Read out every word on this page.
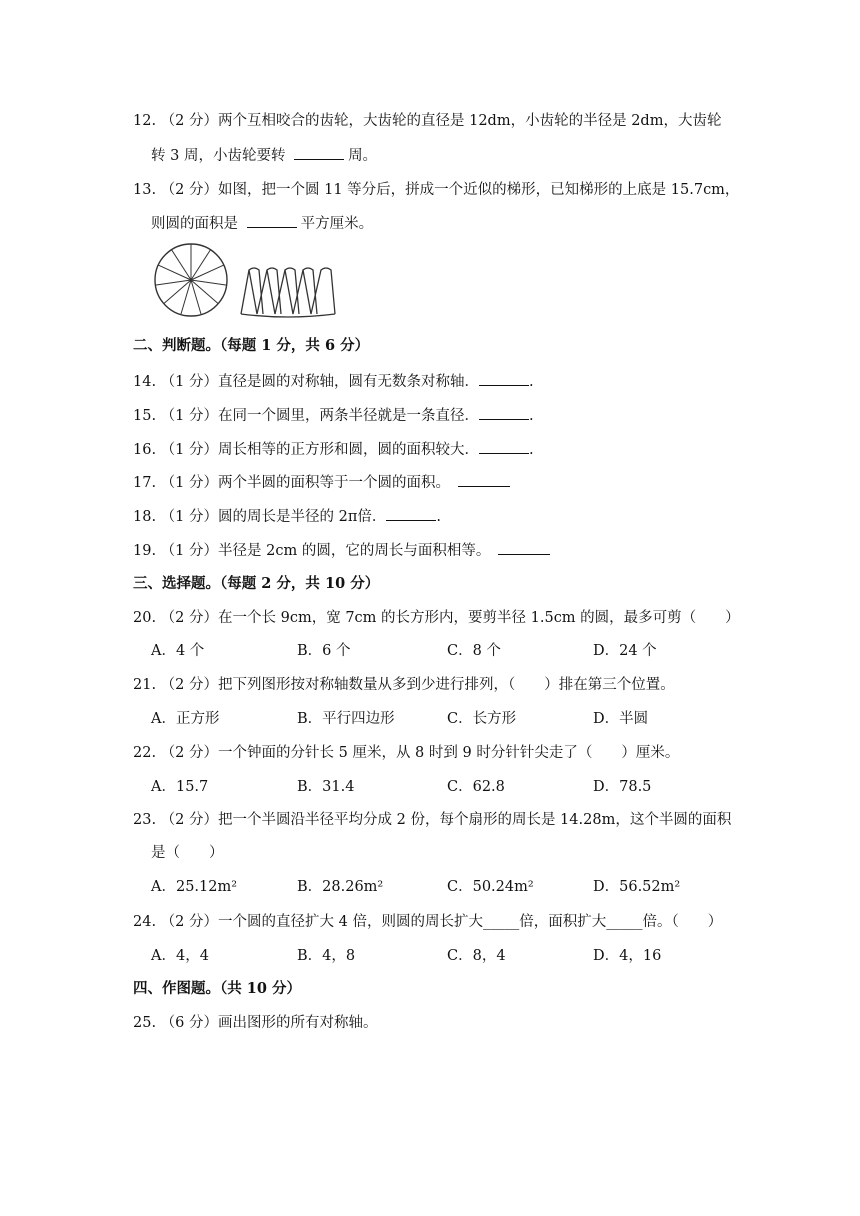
12. （2 分）两个互相咬合的齿轮，大齿轮的直径是 12dm，小齿轮的半径是 2dm，大齿轮
转 3 周，小齿轮要转	周。
13. （2 分）如图，把一个圆 11 等分后，拼成一个近似的梯形，已知梯形的上底是 15.7cm，
则圆的面积是	平方厘米。
二、判断题。（每题 1 分，共 6 分）
14. （1 分）直径是圆的对称轴，圆有无数条对称轴．	.
15. （1 分）在同一个圆里，两条半径就是一条直径．	.
16. （1 分）周长相等的正方形和圆，圆的面积较大．	.
17. （1 分）两个半圆的面积等于一个圆的面积。
18. （1 分）圆的周长是半径的 2π倍．	.
19. （1 分）半径是 2cm 的圆，它的周长与面积相等。
三、选择题。（每题 2 分，共 10 分）
20. （2 分）在一个长 9cm，宽 7cm 的长方形内，要剪半径 1.5cm 的圆，最多可剪（　　）
A．4 个	B．6 个	C．8 个	D．24 个
21. （2 分）把下列图形按对称轴数量从多到少进行排列，（　　）排在第三个位置。
A．正方形	B．平行四边形	C．长方形	D．半圆
22. （2 分）一个钟面的分针长 5 厘米，从 8 时到 9 时分针针尖走了（　　）厘米。
A．15.7	B．31.4	C．62.8	D．78.5
23. （2 分）把一个半圆沿半径平均分成 2 份，每个扇形的周长是 14.28m，这个半圆的面积
是（　　）
A．25.12m²	B．28.26m²	C．50.24m²	D．56.52m²
24. （2 分）一个圆的直径扩大 4 倍，则圆的周长扩大_____倍，面积扩大_____倍。（　　）
A．4，4	B．4，8	C．8，4	D．4，16
四、作图题。（共 10 分）
25. （6 分）画出图形的所有对称轴。
